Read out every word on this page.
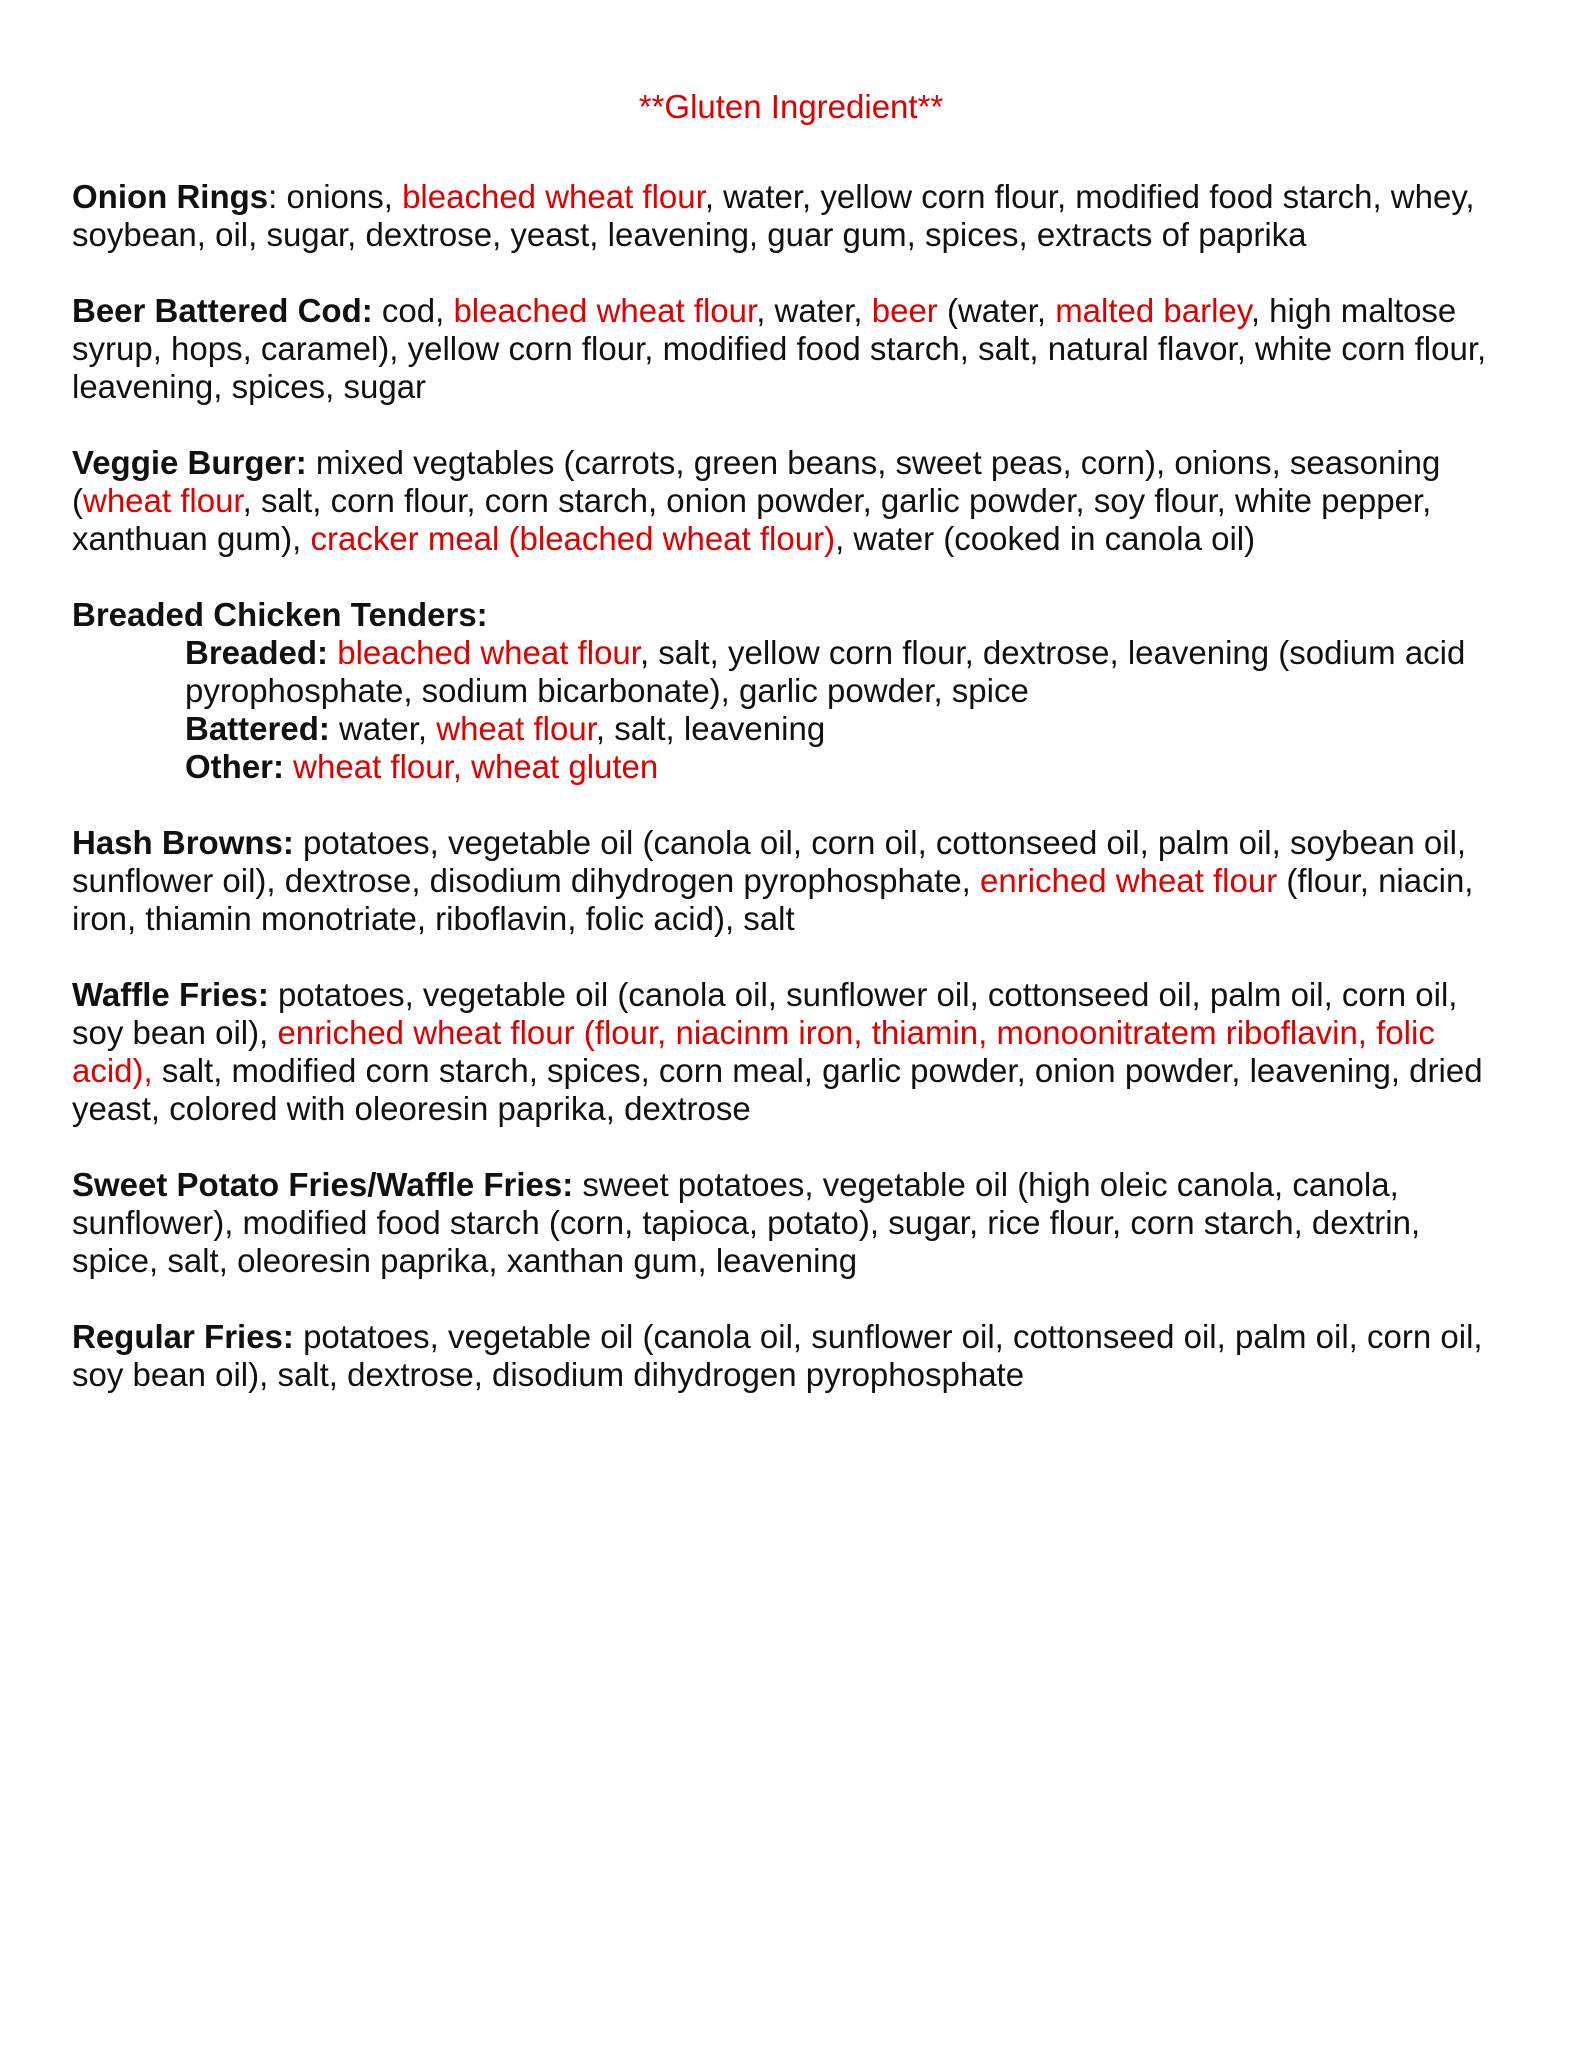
**Gluten Ingredient**

Onion Rings: onions, bleached wheat flour, water, yellow corn flour, modified food starch, whey, soybean, oil, sugar, dextrose, yeast, leavening, guar gum, spices, extracts of paprika

Beer Battered Cod: cod, bleached wheat flour, water, beer (water, malted barley, high maltose syrup, hops, caramel), yellow corn flour, modified food starch, salt, natural flavor, white corn flour, leavening, spices, sugar

Veggie Burger: mixed vegtables (carrots, green beans, sweet peas, corn), onions, seasoning (wheat flour, salt, corn flour, corn starch, onion powder, garlic powder, soy flour, white pepper, xanthuan gum), cracker meal (bleached wheat flour), water (cooked in canola oil)

Breaded Chicken Tenders:

Breaded: bleached wheat flour, salt, yellow corn flour, dextrose, leavening (sodium acid pyrophosphate, sodium bicarbonate), garlic powder, spice

Battered: water, wheat flour, salt, leavening

Other: wheat flour, wheat gluten

Hash Browns: potatoes, vegetable oil (canola oil, corn oil, cottonseed oil, palm oil, soybean oil, sunflower oil), dextrose, disodium dihydrogen pyrophosphate, enriched wheat flour (flour, niacin, iron, thiamin monotriate, riboflavin, folic acid), salt

Waffle Fries: potatoes, vegetable oil (canola oil, sunflower oil, cottonseed oil, palm oil, corn oil, soy bean oil), enriched wheat flour (flour, niacinm iron, thiamin, monoonitratem riboflavin, folic acid), salt, modified corn starch, spices, corn meal, garlic powder, onion powder, leavening, dried yeast, colored with oleoresin paprika, dextrose

Sweet Potato Fries/Waffle Fries: sweet potatoes, vegetable oil (high oleic canola, canola, sunflower), modified food starch (corn, tapioca, potato), sugar, rice flour, corn starch, dextrin, spice, salt, oleoresin paprika, xanthan gum, leavening

Regular Fries: potatoes, vegetable oil (canola oil, sunflower oil, cottonseed oil, palm oil, corn oil, soy bean oil), salt, dextrose, disodium dihydrogen pyrophosphate
